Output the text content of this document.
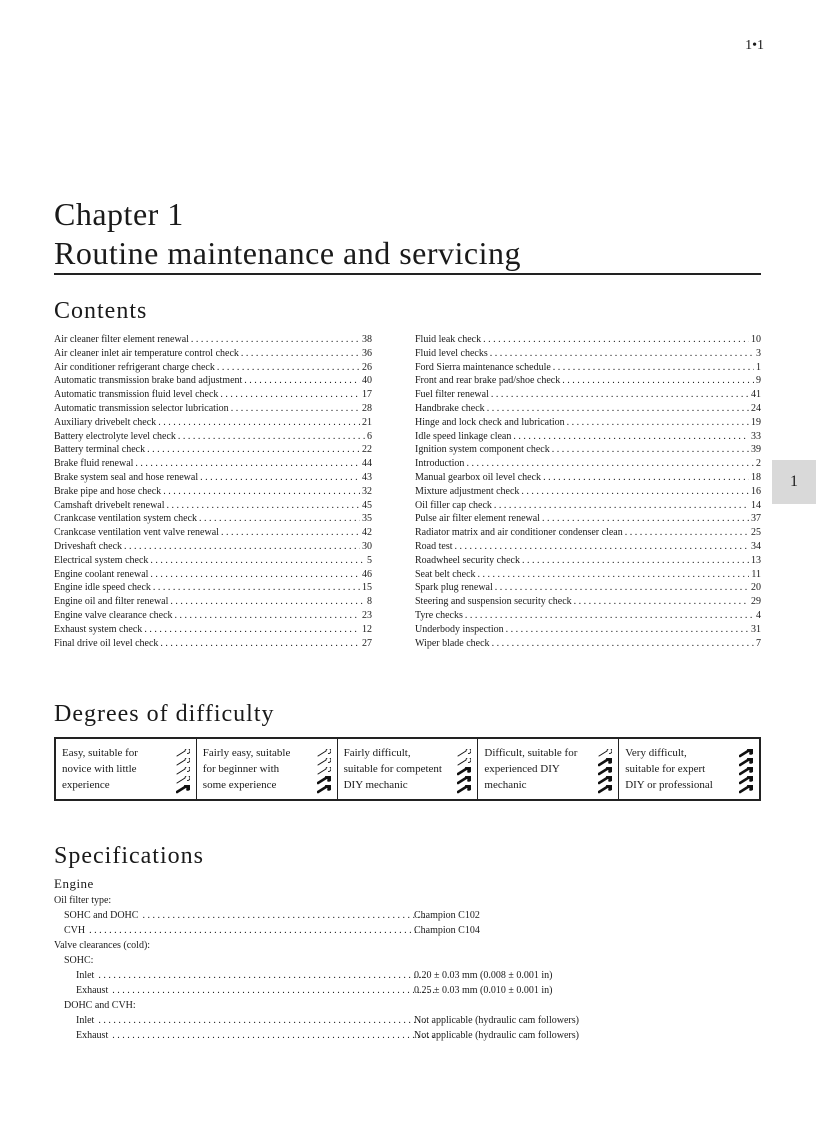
1•1
Chapter 1
Routine maintenance and servicing
Contents
Air cleaner filter element renewal . . .	38
Air cleaner inlet air temperature control check . . .	36
Air conditioner refrigerant charge check . . .	26
Automatic transmission brake band adjustment . . .	40
Automatic transmission fluid level check . . .	17
Automatic transmission selector lubrication . . .	28
Auxiliary drivebelt check . . .	21
Battery electrolyte level check . . .	6
Battery terminal check . . .	22
Brake fluid renewal . . .	44
Brake system seal and hose renewal . . .	43
Brake pipe and hose check . . .	32
Camshaft drivebelt renewal . . .	45
Crankcase ventilation system check . . .	35
Crankcase ventilation vent valve renewal . . .	42
Driveshaft check . . .	30
Electrical system check . . .	5
Engine coolant renewal . . .	46
Engine idle speed check . . .	15
Engine oil and filter renewal . . .	8
Engine valve clearance check . . .	23
Exhaust system check . . .	12
Final drive oil level check . . .	27
Fluid leak check . . .	10
Fluid level checks . . .	3
Ford Sierra maintenance schedule . . .	1
Front and rear brake pad/shoe check . . .	9
Fuel filter renewal . . .	41
Handbrake check . . .	24
Hinge and lock check and lubrication . . .	19
Idle speed linkage clean . . .	33
Ignition system component check . . .	39
Introduction . . .	2
Manual gearbox oil level check . . .	18
Mixture adjustment check . . .	16
Oil filler cap check . . .	14
Pulse air filter element renewal . . .	37
Radiator matrix and air conditioner condenser clean . . .	25
Road test . . .	34
Roadwheel security check . . .	13
Seat belt check . . .	11
Spark plug renewal . . .	20
Steering and suspension security check . . .	29
Tyre checks . . .	4
Underbody inspection . . .	31
Wiper blade check . . .	7
1
Degrees of difficulty
Easy, suitable for
novice with little
experience
Fairly easy, suitable
for beginner with
some experience
Fairly difficult,
suitable for competent
DIY mechanic
Difficult, suitable for
experienced DIY
mechanic
Very difficult,
suitable for expert
DIY or professional
Specifications
Engine
Oil filter type:
SOHC and DOHC . . .	Champion C102
CVH . . .	Champion C104
Valve clearances (cold):
SOHC:
Inlet . . .	0.20 ± 0.03 mm (0.008 ± 0.001 in)
Exhaust . . .	0.25 ± 0.03 mm (0.010 ± 0.001 in)
DOHC and CVH:
Inlet . . .	Not applicable (hydraulic cam followers)
Exhaust . . .	Not applicable (hydraulic cam followers)
